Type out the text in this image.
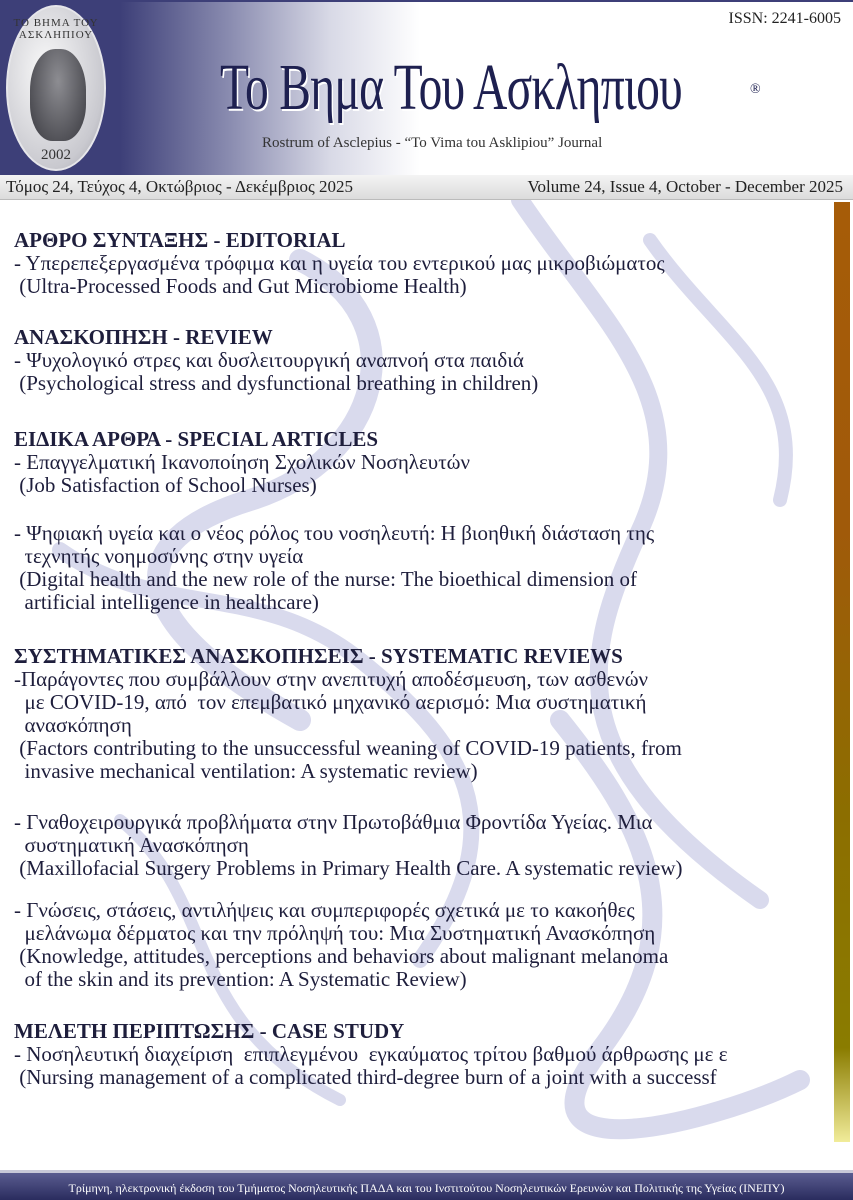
ΤΟ ΒΗΜΑ ΤΟΥ ΑΣΚΛΗΠΙΟΥ
2002
ISSN: 2241-6005
Το Βημα Του Ασκληπιου	®
Rostrum of Asclepius - “To Vima tou Asklipiou” Journal
Τόμος 24, Τεύχος 4, Οκτώβριος - Δεκέμβριος 2025	Volume 24, Issue 4, October - December 2025
ΑΡΘΡΟ ΣΥΝΤΑΞΗΣ - EDITORIAL

- Υπερεπεξεργασμένα τρόφιμα και η υγεία του εντερικού μας μικροβιώματος

(Ultra-Processed Foods and Gut Microbiome Health)

ΑΝΑΣΚΟΠΗΣΗ - REVIEW

- Ψυχολογικό στρες και δυσλειτουργική αναπνοή στα παιδιά

(Psychological stress and dysfunctional breathing in children)

ΕΙΔΙΚΑ ΑΡΘΡΑ - SPECIAL ARTICLES

- Επαγγελματική Ικανοποίηση Σχολικών Νοσηλευτών

(Job Satisfaction of School Nurses)

- Ψηφιακή υγεία και ο νέος ρόλος του νοσηλευτή: Η βιοηθική διάσταση της

τεχνητής νοημοσύνης στην υγεία

(Digital health and the new role of the nurse: The bioethical dimension of

artificial intelligence in healthcare)

ΣΥΣΤΗΜΑΤΙΚΕΣ ΑΝΑΣΚΟΠΗΣΕΙΣ - SYSTEMATIC REVIEWS

-Παράγοντες που συμβάλλουν στην ανεπιτυχή αποδέσμευση, των ασθενών

με COVID-19, από  τον επεμβατικό μηχανικό αερισμό: Μια συστηματική

ανασκόπηση

(Factors contributing to the unsuccessful weaning of COVID-19 patients, from

invasive mechanical ventilation: A systematic review)

- Γναθοχειρουργικά προβλήματα στην Πρωτοβάθμια Φροντίδα Υγείας. Μια

συστηματική Ανασκόπηση

(Maxillofacial Surgery Problems in Primary Health Care. A systematic review)

- Γνώσεις, στάσεις, αντιλήψεις και συμπεριφορές σχετικά με το κακοήθες

μελάνωμα δέρματος και την πρόληψή του: Μια Συστηματική Ανασκόπηση

(Knowledge, attitudes, perceptions and behaviors about malignant melanoma

of the skin and its prevention: A Systematic Review)

ΜΕΛΕΤΗ ΠΕΡΙΠΤΩΣΗΣ - CASE STUDY

- Νοσηλευτική διαχείριση  επιπλεγμένου  εγκαύματος τρίτου βαθμού άρθρωσης με ε

(Nursing management of a complicated third-degree burn of a joint with a successf

Τρίμηνη, ηλεκτρονική έκδοση του Τμήματος Νοσηλευτικής ΠΑΔΑ και του Ινστιτούτου Νοσηλευτικών Ερευνών και Πολιτικής της Υγείας (ΙΝΕΠΥ)
